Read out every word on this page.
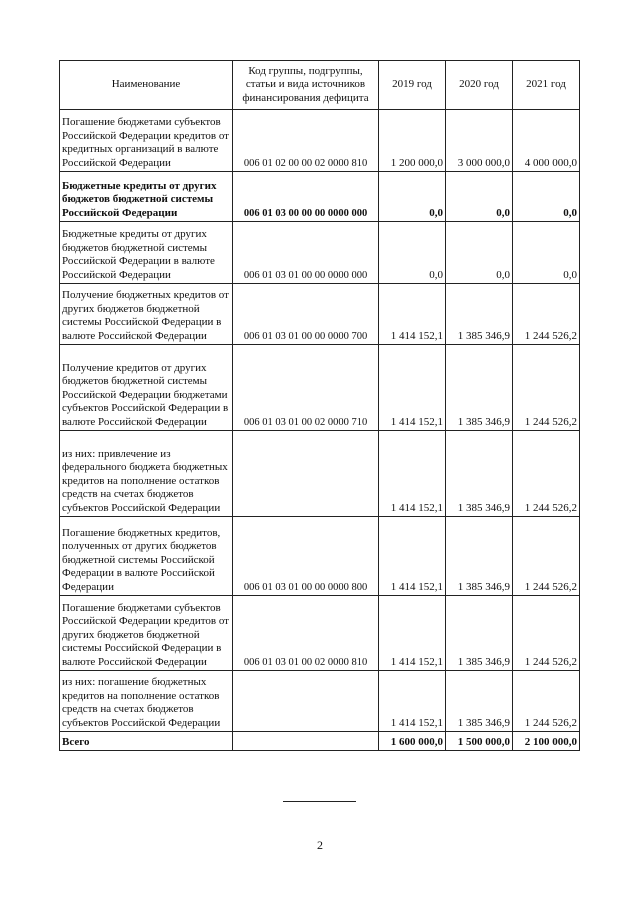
Наименование	Код группы, подгруппы, статьи и вида источников финансирования дефицита	2019 год	2020 год	2021 год
Погашение бюджетами субъектов Российской Федерации кредитов от кредитных организаций в валюте Российской Федерации	006 01 02 00 00 02 0000 810	1 200 000,0	3 000 000,0	4 000 000,0
Бюджетные кредиты от других бюджетов бюджетной системы Российской Федерации	006 01 03 00 00 00 0000 000	0,0	0,0	0,0
Бюджетные кредиты от других бюджетов бюджетной системы Российской Федерации в валюте Российской Федерации	006 01 03 01 00 00 0000 000	0,0	0,0	0,0
Получение бюджетных кредитов от других бюджетов бюджетной системы Российской Федерации в валюте Российской Федерации	006 01 03 01 00 00 0000 700	1 414 152,1	1 385 346,9	1 244 526,2
Получение кредитов от других бюджетов бюджетной системы Российской Федерации бюджетами субъектов Российской Федерации в валюте Российской Федерации	006 01 03 01 00 02 0000 710	1 414 152,1	1 385 346,9	1 244 526,2
из них: привлечение из федерального бюджета бюджетных кредитов на пополнение остатков средств на счетах бюджетов субъектов Российской Федерации		1 414 152,1	1 385 346,9	1 244 526,2
Погашение бюджетных кредитов, полученных от других бюджетов бюджетной системы Российской Федерации в валюте Российской Федерации	006 01 03 01 00 00 0000 800	1 414 152,1	1 385 346,9	1 244 526,2
Погашение бюджетами субъектов Российской Федерации кредитов от других бюджетов бюджетной системы Российской Федерации в валюте Российской Федерации	006 01 03 01 00 02 0000 810	1 414 152,1	1 385 346,9	1 244 526,2
из них: погашение бюджетных кредитов на пополнение остатков средств на счетах бюджетов субъектов Российской Федерации		1 414 152,1	1 385 346,9	1 244 526,2
Всего		1 600 000,0	1 500 000,0	2 100 000,0
2
